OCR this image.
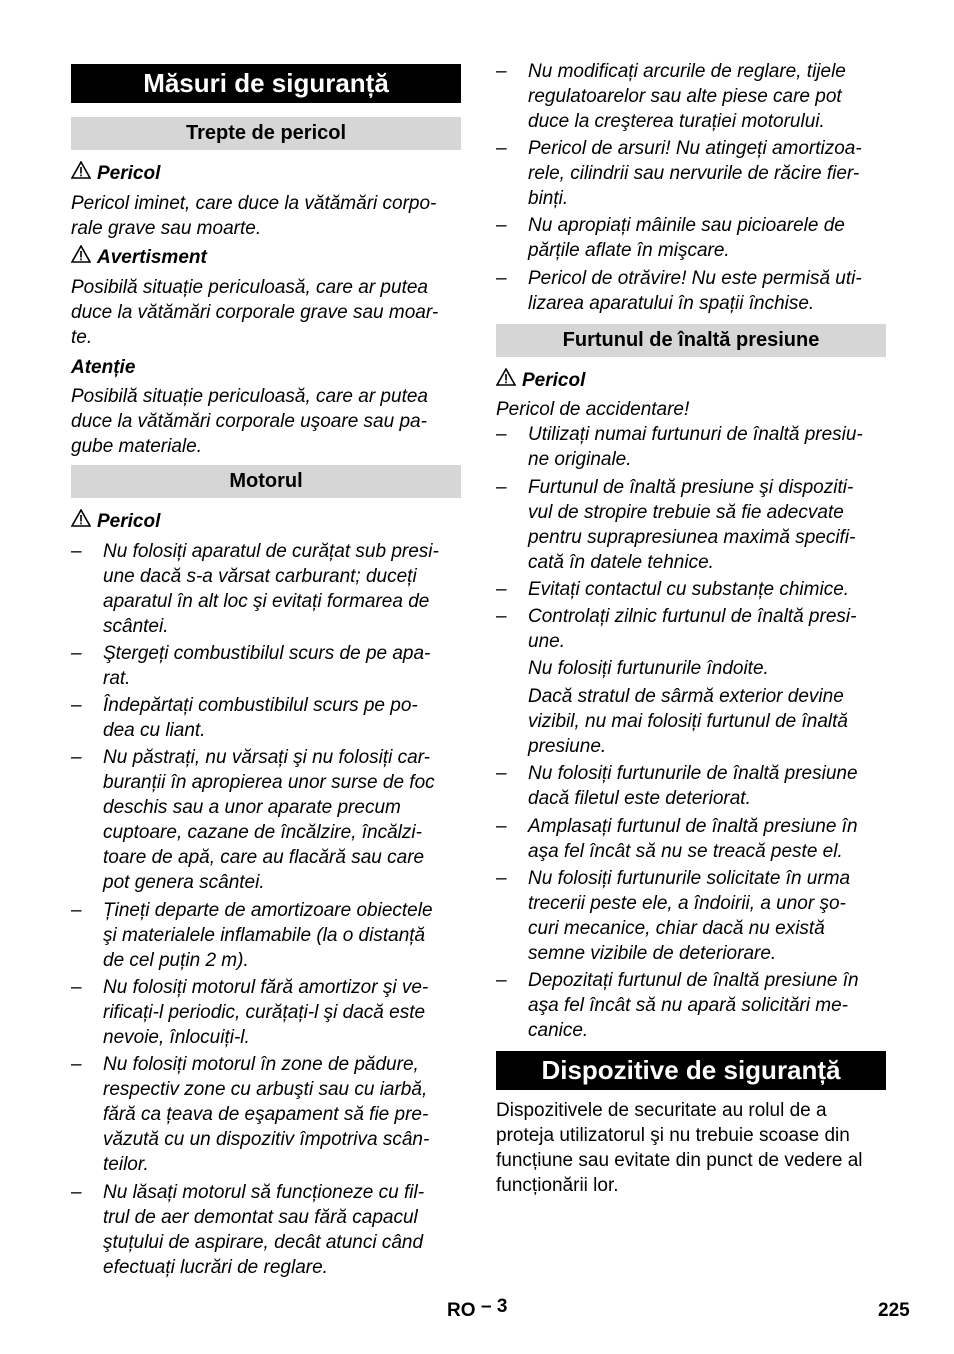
Măsuri de siguranță
Trepte de pericol
Pericol
Pericol iminet, care duce la vătămări corpo-
rale grave sau moarte.
Avertisment
Posibilă situație periculoasă, care ar putea
duce la vătămări corporale grave sau moar-
te.
Atenție
Posibilă situație periculoasă, care ar putea
duce la vătămări corporale uşoare sau pa-
gube materiale.
Motorul
Pericol
– Nu folosiți aparatul de curățat sub presi-
une dacă s-a vărsat carburant; duceți
aparatul în alt loc şi evitați formarea de
scântei.
– Ştergeți combustibilul scurs de pe apa-
rat.
– Îndepărtați combustibilul scurs pe po-
dea cu liant.
– Nu păstrați, nu vărsați şi nu folosiți car-
buranții în apropierea unor surse de foc
deschis sau a unor aparate precum
cuptoare, cazane de încălzire, încălzi-
toare de apă, care au flacără sau care
pot genera scântei.
– Țineți departe de amortizoare obiectele
şi materialele inflamabile (la o distanță
de cel puțin 2 m).
– Nu folosiți motorul fără amortizor şi ve-
rificați-l periodic, curățați-l şi dacă este
nevoie, înlocuiți-l.
– Nu folosiți motorul în zone de pădure,
respectiv zone cu arbuşti sau cu iarbă,
fără ca țeava de eşapament să fie pre-
văzută cu un dispozitiv împotriva scân-
teilor.
– Nu lăsați motorul să funcționeze cu fil-
trul de aer demontat sau fără capacul
ştuțului de aspirare, decât atunci când
efectuați lucrări de reglare.
– Nu modificați arcurile de reglare, tijele
regulatoarelor sau alte piese care pot
duce la creşterea turației motorului.
– Pericol de arsuri! Nu atingeți amortizoa-
rele, cilindrii sau nervurile de răcire fier-
binți.
– Nu apropiați mâinile sau picioarele de
părțile aflate în mişcare.
– Pericol de otrăvire! Nu este permisă uti-
lizarea aparatului în spații închise.
Furtunul de înaltă presiune
Pericol
Pericol de accidentare!
– Utilizați numai furtunuri de înaltă presiu-
ne originale.
– Furtunul de înaltă presiune şi dispoziti-
vul de stropire trebuie să fie adecvate
pentru suprapresiunea maximă specifi-
cată în datele tehnice.
– Evitați contactul cu substanțe chimice.
– Controlați zilnic furtunul de înaltă presi-
une.
Nu folosiți furtunurile îndoite.
Dacă stratul de sârmă exterior devine
vizibil, nu mai folosiți furtunul de înaltă
presiune.
– Nu folosiți furtunurile de înaltă presiune
dacă filetul este deteriorat.
– Amplasați furtunul de înaltă presiune în
aşa fel încât să nu se treacă peste el.
– Nu folosiți furtunurile solicitate în urma
trecerii peste ele, a îndoirii, a unor şo-
curi mecanice, chiar dacă nu există
semne vizibile de deteriorare.
– Depozitați furtunul de înaltă presiune în
aşa fel încât să nu apară solicitări me-
canice.
Dispozitive de siguranță
Dispozitivele de securitate au rolul de a
proteja utilizatorul şi nu trebuie scoase din
funcțiune sau evitate din punct de vedere al
funcționării lor.
RO – 3	225
